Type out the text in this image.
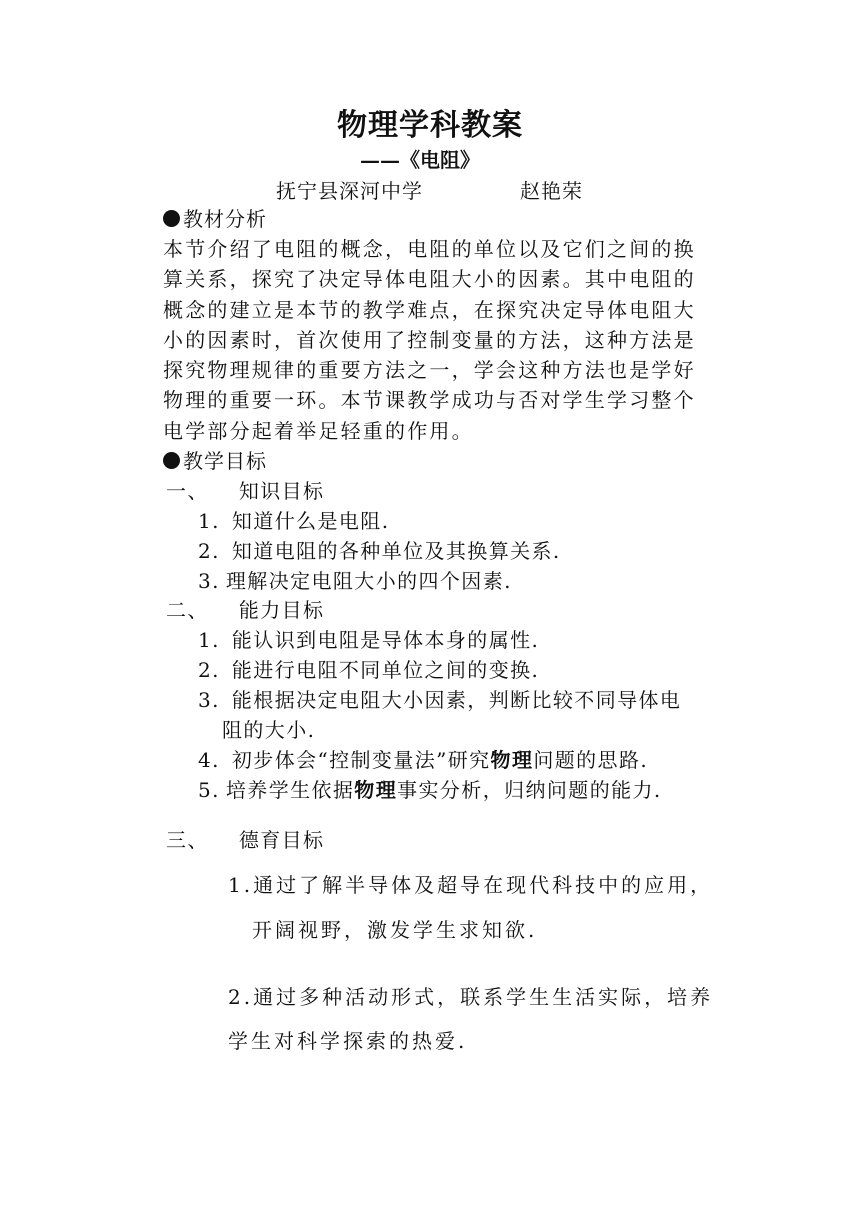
物理学科教案
——《电阻》
抚宁县深河中学	赵艳荣
教材分析
本节介绍了电阻的概念，电阻的单位以及它们之间的换
算关系，探究了决定导体电阻大小的因素。其中电阻的
概念的建立是本节的教学难点，在探究决定导体电阻大
小的因素时，首次使用了控制变量的方法，这种方法是
探究物理规律的重要方法之一，学会这种方法也是学好
物理的重要一环。本节课教学成功与否对学生学习整个
电学部分起着举足轻重的作用。
教学目标
一、 知识目标
1. 知道什么是电阻.
2. 知道电阻的各种单位及其换算关系.
3. 理解决定电阻大小的四个因素.
二、 能力目标
1. 能认识到电阻是导体本身的属性.
2. 能进行电阻不同单位之间的变换.
3. 能根据决定电阻大小因素，判断比较不同导体电
阻的大小.
4. 初步体会“控制变量法”研究物理问题的思路.
5. 培养学生依据物理事实分析，归纳问题的能力.
三、 德育目标
1.通过了解半导体及超导在现代科技中的应用，
开阔视野，激发学生求知欲.
2.通过多种活动形式，联系学生生活实际，培养
学生对科学探索的热爱.
